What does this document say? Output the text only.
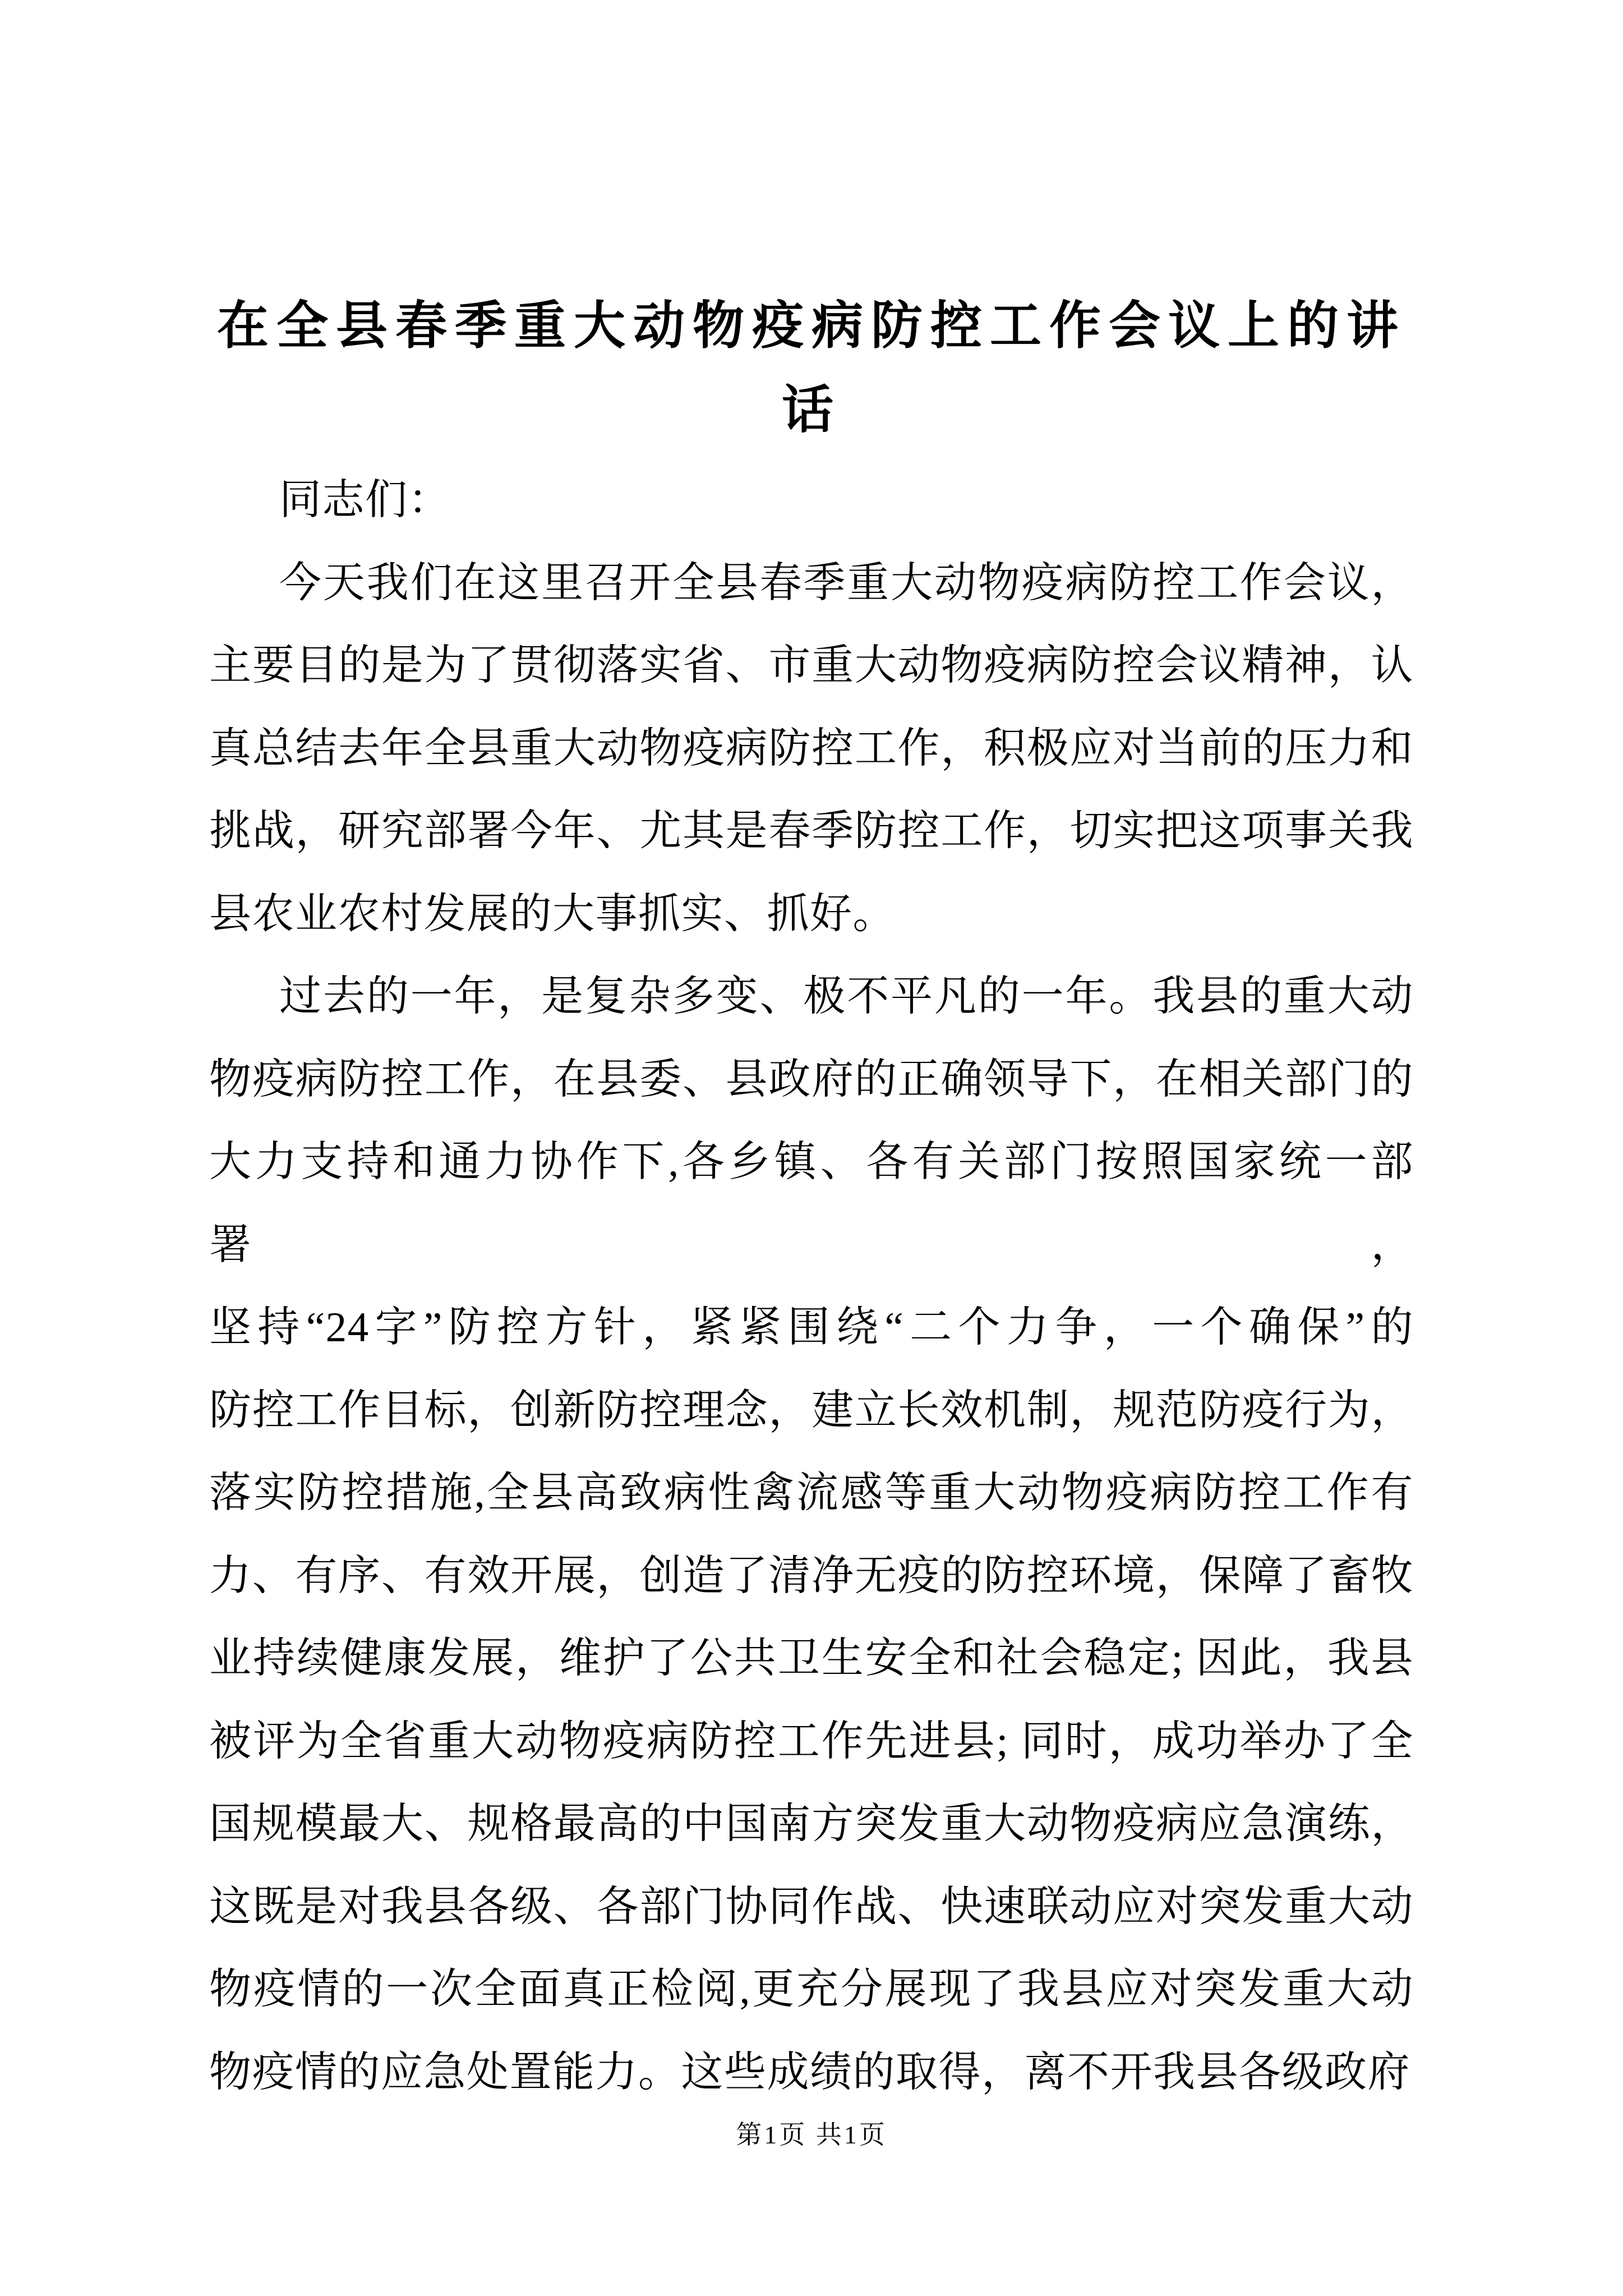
在全县春季重大动物疫病防控工作会议上的讲话
同志们：
今天我们在这里召开全县春季重大动物疫病防控工作会议，
主要目的是为了贯彻落实省、市重大动物疫病防控会议精神，认
真总结去年全县重大动物疫病防控工作，积极应对当前的压力和
挑战，研究部署今年、尤其是春季防控工作，切实把这项事关我
县农业农村发展的大事抓实、抓好。
过去的一年，是复杂多变、极不平凡的一年。我县的重大动
物疫病防控工作，在县委、县政府的正确领导下，在相关部门的
大力支持和通力协作下,各乡镇、各有关部门按照国家统一部署，
坚持“24字”防控方针，紧紧围绕“二个力争，一个确保”的
防控工作目标，创新防控理念，建立长效机制，规范防疫行为，
落实防控措施,全县高致病性禽流感等重大动物疫病防控工作有
力、有序、有效开展，创造了清净无疫的防控环境，保障了畜牧
业持续健康发展，维护了公共卫生安全和社会稳定; 因此，我县
被评为全省重大动物疫病防控工作先进县; 同时，成功举办了全
国规模最大、规格最高的中国南方突发重大动物疫病应急演练，
这既是对我县各级、各部门协同作战、快速联动应对突发重大动
物疫情的一次全面真正检阅,更充分展现了我县应对突发重大动
物疫情的应急处置能力。这些成绩的取得，离不开我县各级政府
第1页 共1页
